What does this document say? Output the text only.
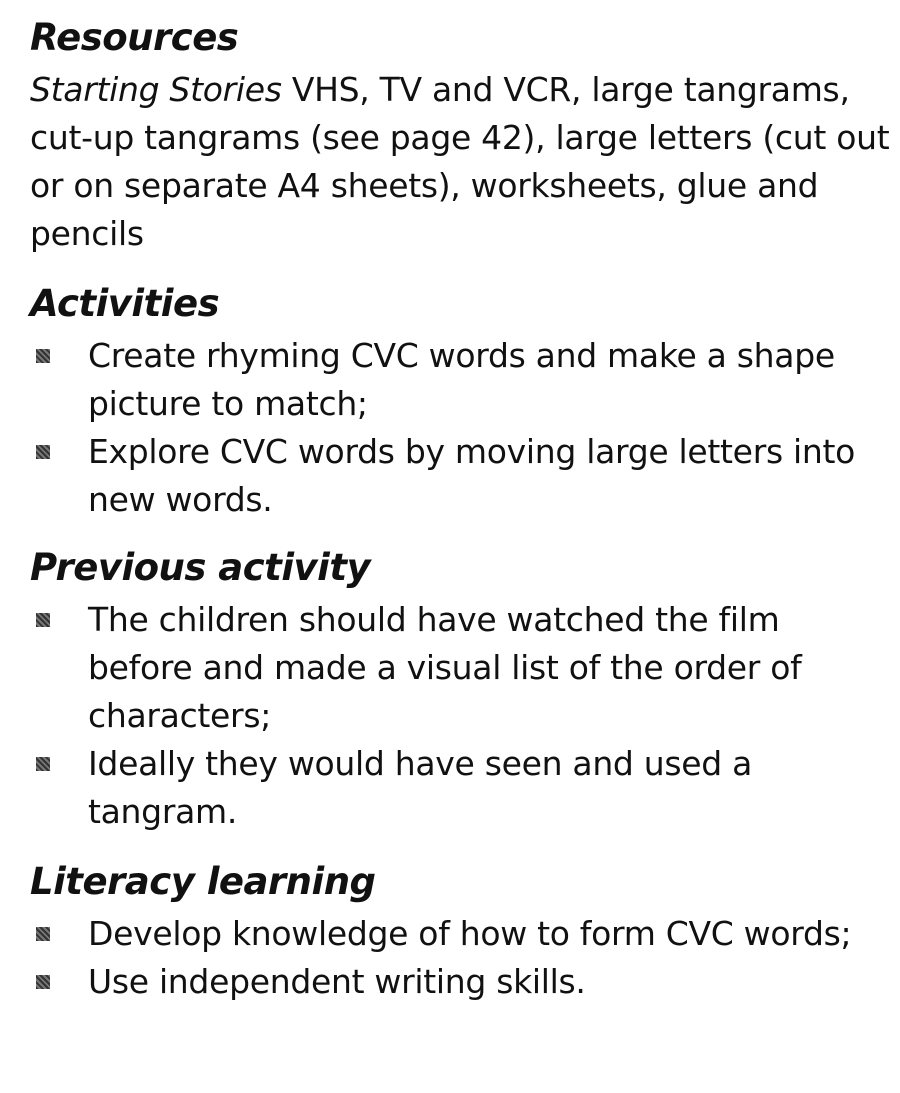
Resources

Starting Stories VHS, TV and VCR, large tangrams, cut-up tangrams (see page 42), large letters (cut out or on separate A4 sheets), worksheets, glue and pencils

Activities
Create rhyming CVC words and make a shape picture to match;
Explore CVC words by moving large letters into new words.
Previous activity
The children should have watched the film before and made a visual list of the order of characters;
Ideally they would have seen and used a tangram.
Literacy learning
Develop knowledge of how to form CVC words;
Use independent writing skills.
